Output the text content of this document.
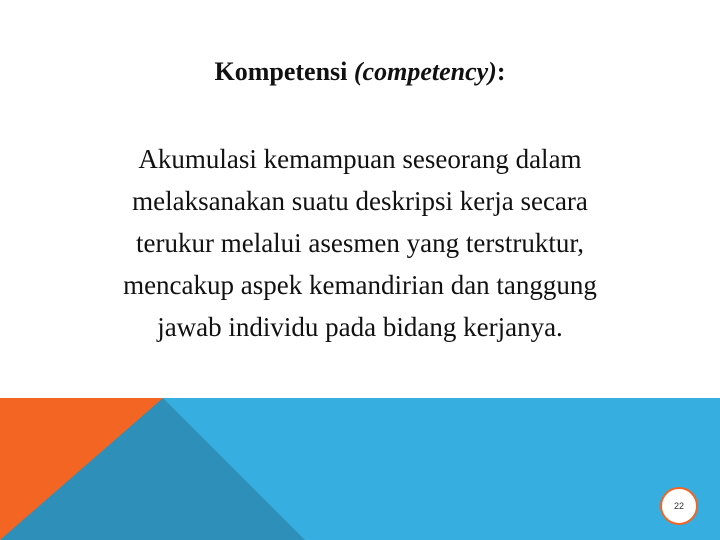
Kompetensi (competency):
Akumulasi kemampuan seseorang dalam
melaksanakan suatu deskripsi kerja secara
terukur melalui asesmen yang terstruktur,
mencakup aspek kemandirian dan tanggung
jawab individu pada bidang kerjanya.
22
